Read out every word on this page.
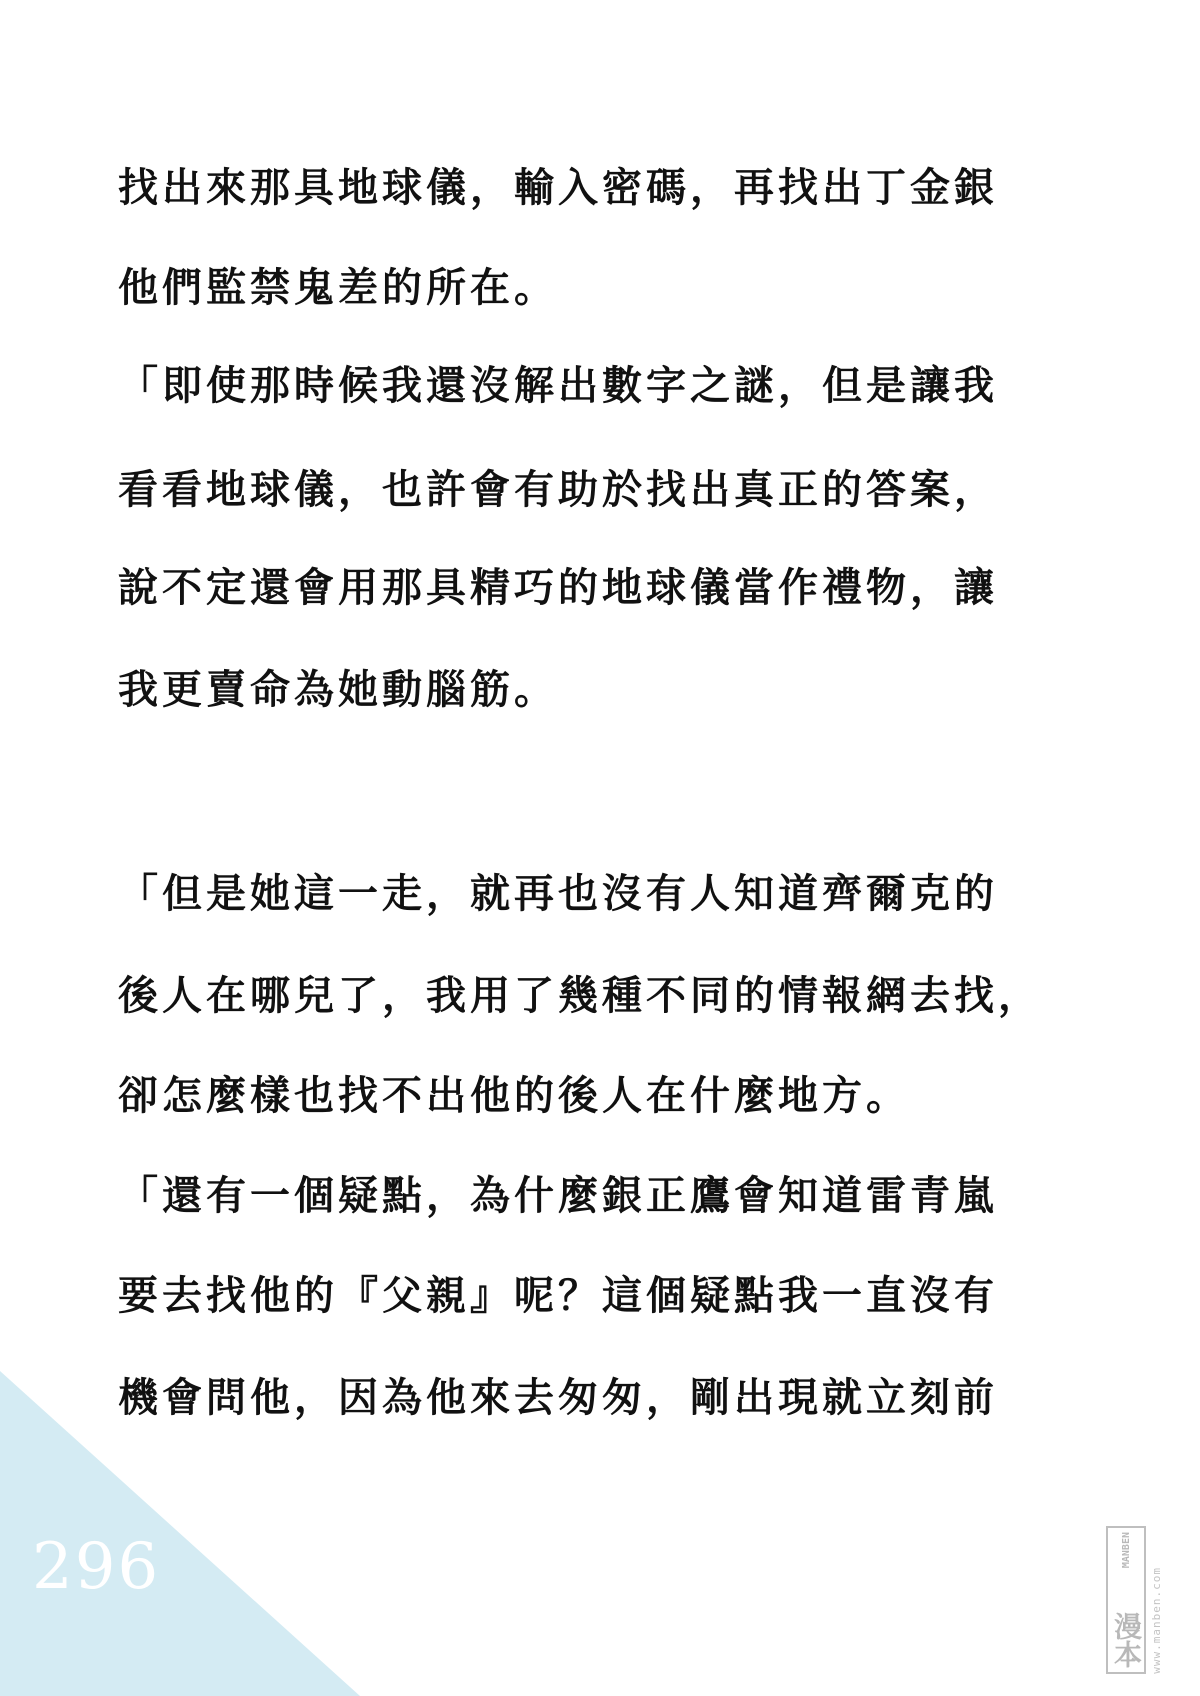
找出來那具地球儀，輸入密碼，再找出丁金銀
他們監禁鬼差的所在。
「即使那時候我還沒解出數字之謎，但是讓我
看看地球儀，也許會有助於找出真正的答案，
說不定還會用那具精巧的地球儀當作禮物，讓
我更賣命為她動腦筋。
「但是她這一走，就再也沒有人知道齊爾克的
後人在哪兒了，我用了幾種不同的情報網去找，
卻怎麼樣也找不出他的後人在什麼地方。
「還有一個疑點，為什麼銀正鷹會知道雷青嵐
要去找他的『父親』呢？這個疑點我一直沒有
機會問他，因為他來去匆匆，剛出現就立刻前
296	MANBEN
漫本 www.manben.com
